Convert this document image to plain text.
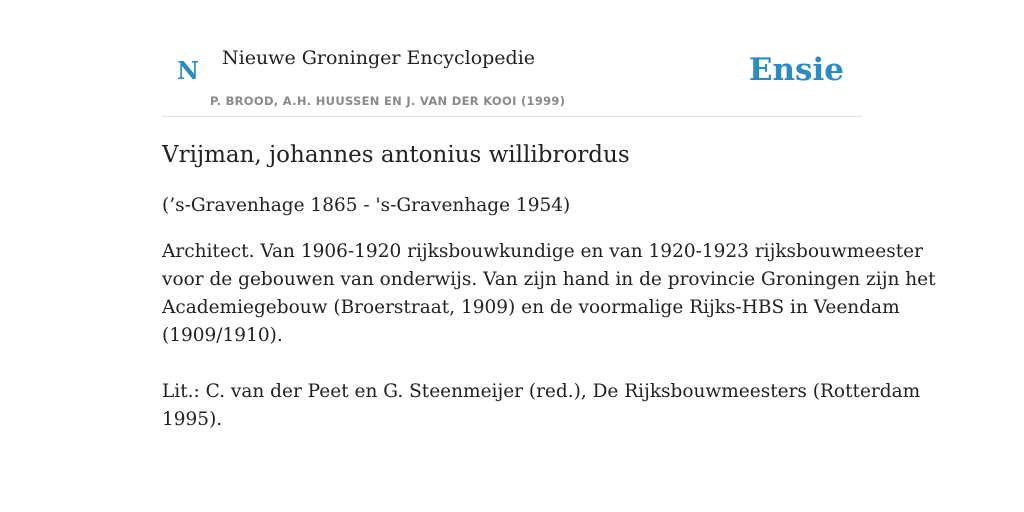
N Nieuwe Groninger Encyclopedie
P. BROOD, A.H. HUUSSEN EN J. VAN DER KOOI (1999)
Ensie
Vrijman, johannes antonius willibrordus

(’s-Gravenhage 1865 - 's-Gravenhage 1954)

Architect. Van 1906-1920 rijksbouwkundige en van 1920-1923 rijksbouwmeester
voor de gebouwen van onderwijs. Van zijn hand in de provincie Groningen zijn het
Academiegebouw (Broerstraat, 1909) en de voormalige Rijks-HBS in Veendam
(1909/1910).

Lit.: C. van der Peet en G. Steenmeijer (red.), De Rijksbouwmeesters (Rotterdam
1995).
